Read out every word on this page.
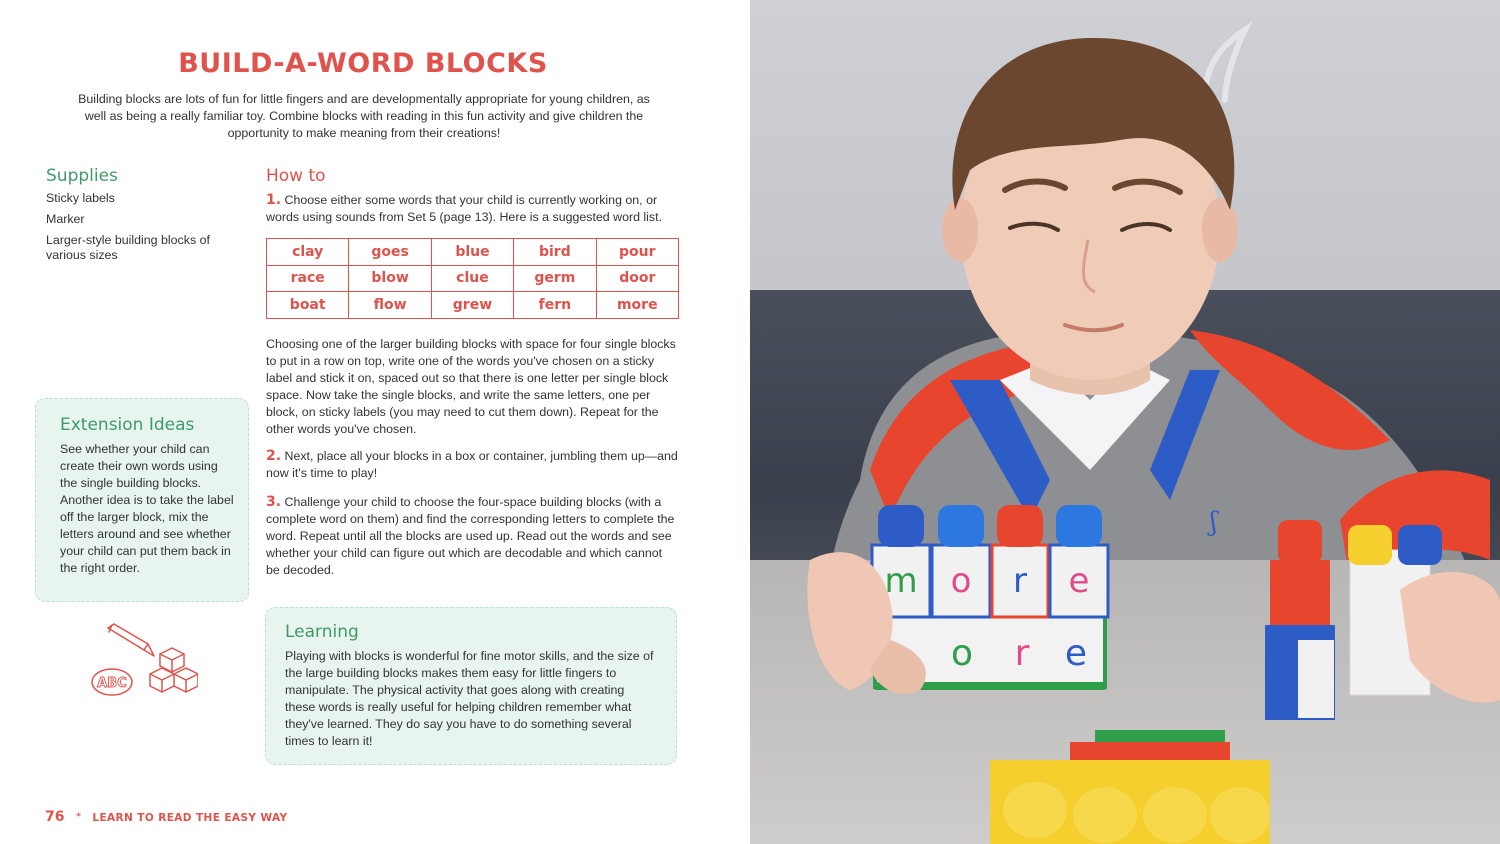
BUILD-A-WORD BLOCKS

Building blocks are lots of fun for little fingers and are developmentally appropriate for young children, as well as being a really familiar toy. Combine blocks with reading in this fun activity and give children the opportunity to make meaning from their creations!

Supplies
Sticky labels
Marker
Larger-style building blocks of various sizes
How to

1. Choose either some words that your child is currently working on, or words using sounds from Set 5 (page 13). Here is a suggested word list.

clay	goes	blue	bird	pour
race	blow	clue	germ	door
boat	flow	grew	fern	more

Choosing one of the larger building blocks with space for four single blocks to put in a row on top, write one of the words you've chosen on a sticky label and stick it on, spaced out so that there is one letter per single block space. Now take the single blocks, and write the same letters, one per block, on sticky labels (you may need to cut them down). Repeat for the other words you've chosen.

2. Next, place all your blocks in a box or container, jumbling them up—and now it's time to play!

3. Challenge your child to choose the four-space building blocks (with a complete word on them) and find the corresponding letters to complete the word. Repeat until all the blocks are used up. Read out the words and see whether your child can figure out which are decodable and which cannot be decoded.

Extension Ideas

See whether your child can create their own words using the single building blocks. Another idea is to take the label off the larger block, mix the letters around and see whether your child can put them back in the right order.

ABC
Learning

Playing with blocks is wonderful for fine motor skills, and the size of the large building blocks makes them easy for little fingers to manipulate. The physical activity that goes along with creating these words is really useful for helping children remember what they've learned. They do say you have to do something several times to learn it!

76 * LEARN TO READ THE EASY WAY
ʃ
m o r e
o r e
